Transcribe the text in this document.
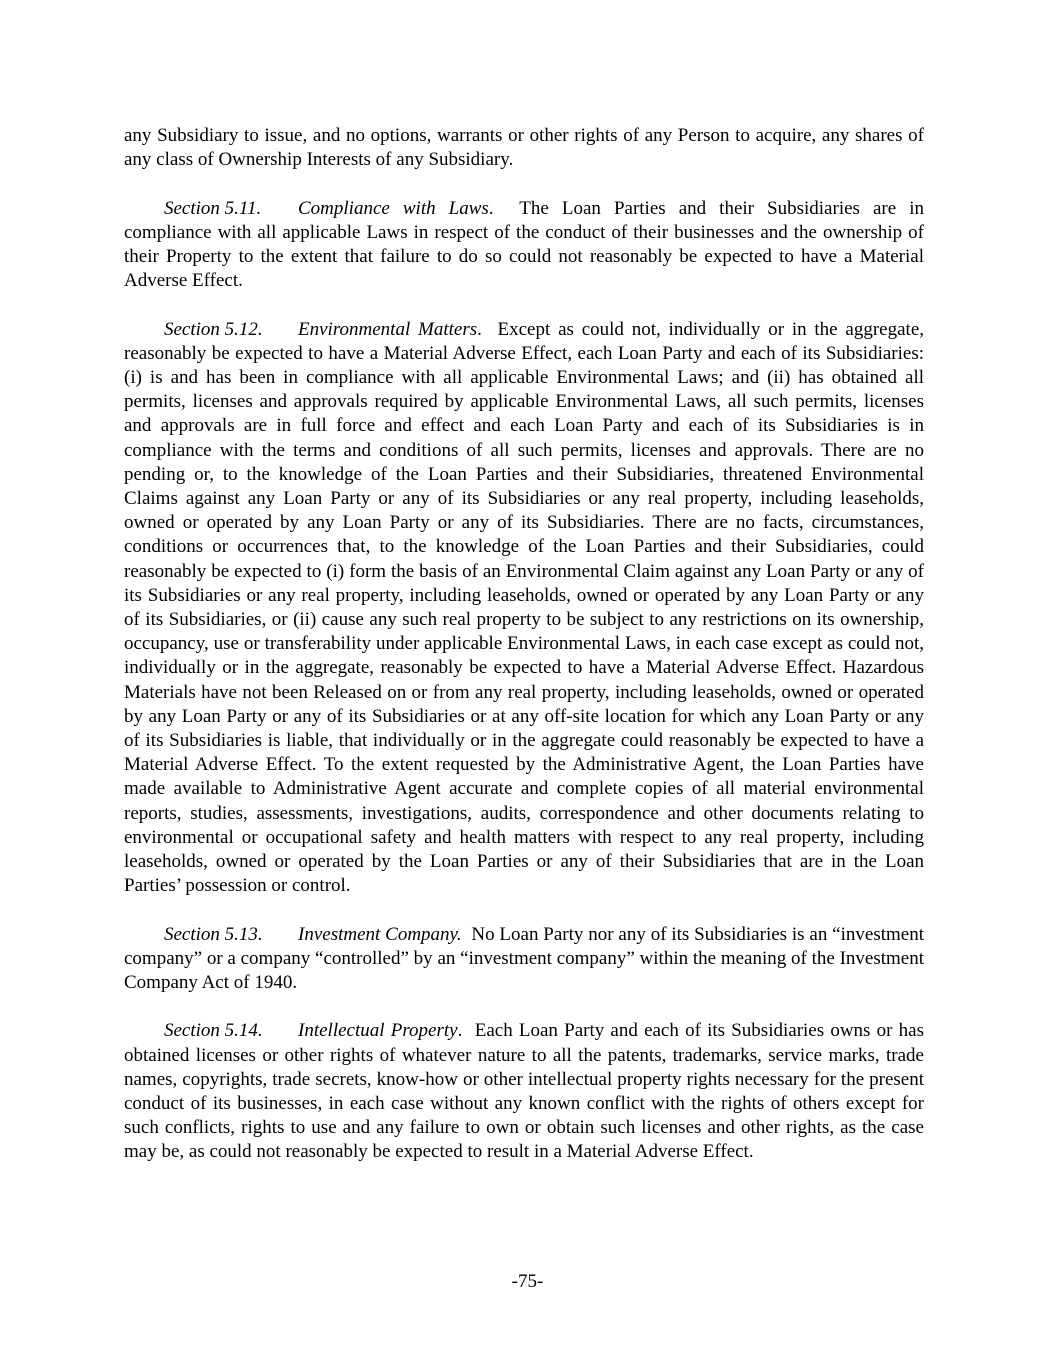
any Subsidiary to issue, and no options, warrants or other rights of any Person to acquire, any shares of any class of Ownership Interests of any Subsidiary.

Section 5.11. Compliance with Laws. The Loan Parties and their Subsidiaries are in compliance with all applicable Laws in respect of the conduct of their businesses and the ownership of their Property to the extent that failure to do so could not reasonably be expected to have a Material Adverse Effect.

Section 5.12. Environmental Matters. Except as could not, individually or in the aggregate, reasonably be expected to have a Material Adverse Effect, each Loan Party and each of its Subsidiaries: (i) is and has been in compliance with all applicable Environmental Laws; and (ii) has obtained all permits, licenses and approvals required by applicable Environmental Laws, all such permits, licenses and approvals are in full force and effect and each Loan Party and each of its Subsidiaries is in compliance with the terms and conditions of all such permits, licenses and approvals. There are no pending or, to the knowledge of the Loan Parties and their Subsidiaries, threatened Environmental Claims against any Loan Party or any of its Subsidiaries or any real property, including leaseholds, owned or operated by any Loan Party or any of its Subsidiaries. There are no facts, circumstances, conditions or occurrences that, to the knowledge of the Loan Parties and their Subsidiaries, could reasonably be expected to (i) form the basis of an Environmental Claim against any Loan Party or any of its Subsidiaries or any real property, including leaseholds, owned or operated by any Loan Party or any of its Subsidiaries, or (ii) cause any such real property to be subject to any restrictions on its ownership, occupancy, use or transferability under applicable Environmental Laws, in each case except as could not, individually or in the aggregate, reasonably be expected to have a Material Adverse Effect. Hazardous Materials have not been Released on or from any real property, including leaseholds, owned or operated by any Loan Party or any of its Subsidiaries or at any off-site location for which any Loan Party or any of its Subsidiaries is liable, that individually or in the aggregate could reasonably be expected to have a Material Adverse Effect. To the extent requested by the Administrative Agent, the Loan Parties have made available to Administrative Agent accurate and complete copies of all material environmental reports, studies, assessments, investigations, audits, correspondence and other documents relating to environmental or occupational safety and health matters with respect to any real property, including leaseholds, owned or operated by the Loan Parties or any of their Subsidiaries that are in the Loan Parties’ possession or control.

Section 5.13. Investment Company. No Loan Party nor any of its Subsidiaries is an “investment company” or a company “controlled” by an “investment company” within the meaning of the Investment Company Act of 1940.

Section 5.14. Intellectual Property. Each Loan Party and each of its Subsidiaries owns or has obtained licenses or other rights of whatever nature to all the patents, trademarks, service marks, trade names, copyrights, trade secrets, know-how or other intellectual property rights necessary for the present conduct of its businesses, in each case without any known conflict with the rights of others except for such conflicts, rights to use and any failure to own or obtain such licenses and other rights, as the case may be, as could not reasonably be expected to result in a Material Adverse Effect.

-75-
